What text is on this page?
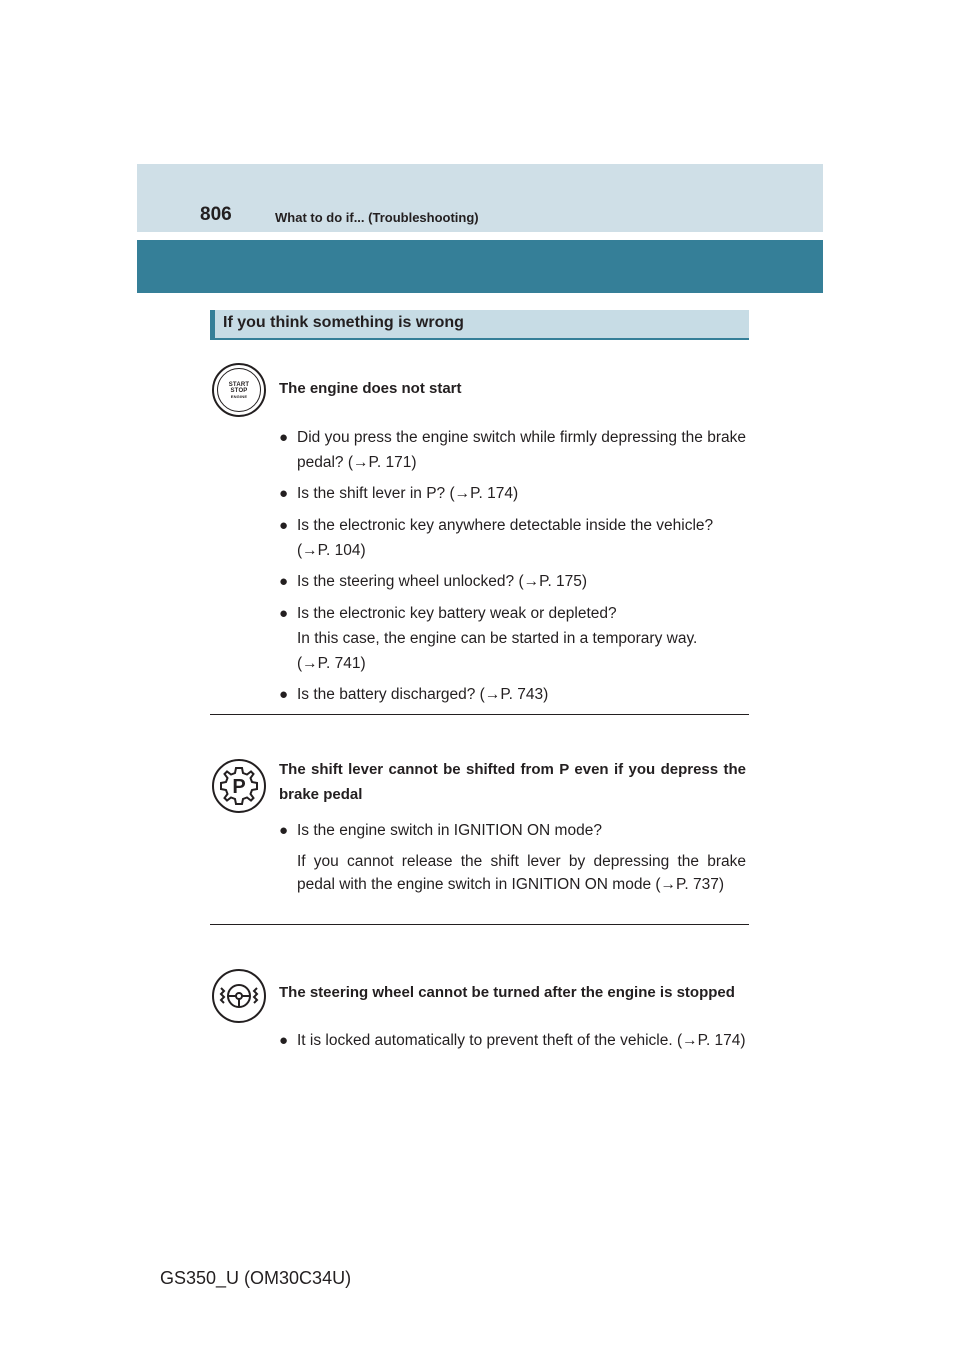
806	What to do if... (Troubleshooting)
If you think something is wrong
START
STOP
ENGINE The engine does not start
● Did you press the engine switch while firmly depressing the brake pedal? (→P. 171)
● Is the shift lever in P? (→P. 174)
● Is the electronic key anywhere detectable inside the vehicle? (→P. 104)
● Is the steering wheel unlocked? (→P. 175)
● Is the electronic key battery weak or depleted?
In this case, the engine can be started in a temporary way.
(→P. 741)
● Is the battery discharged? (→P. 743)
P
The shift lever cannot be shifted from P even if you depress the brake pedal
● Is the engine switch in IGNITION ON mode?
If you cannot release the shift lever by depressing the brake pedal with the engine switch in IGNITION ON mode (→P. 737)
The steering wheel cannot be turned after the engine is stopped
● It is locked automatically to prevent theft of the vehicle. (→P. 174)
GS350_U (OM30C34U)
